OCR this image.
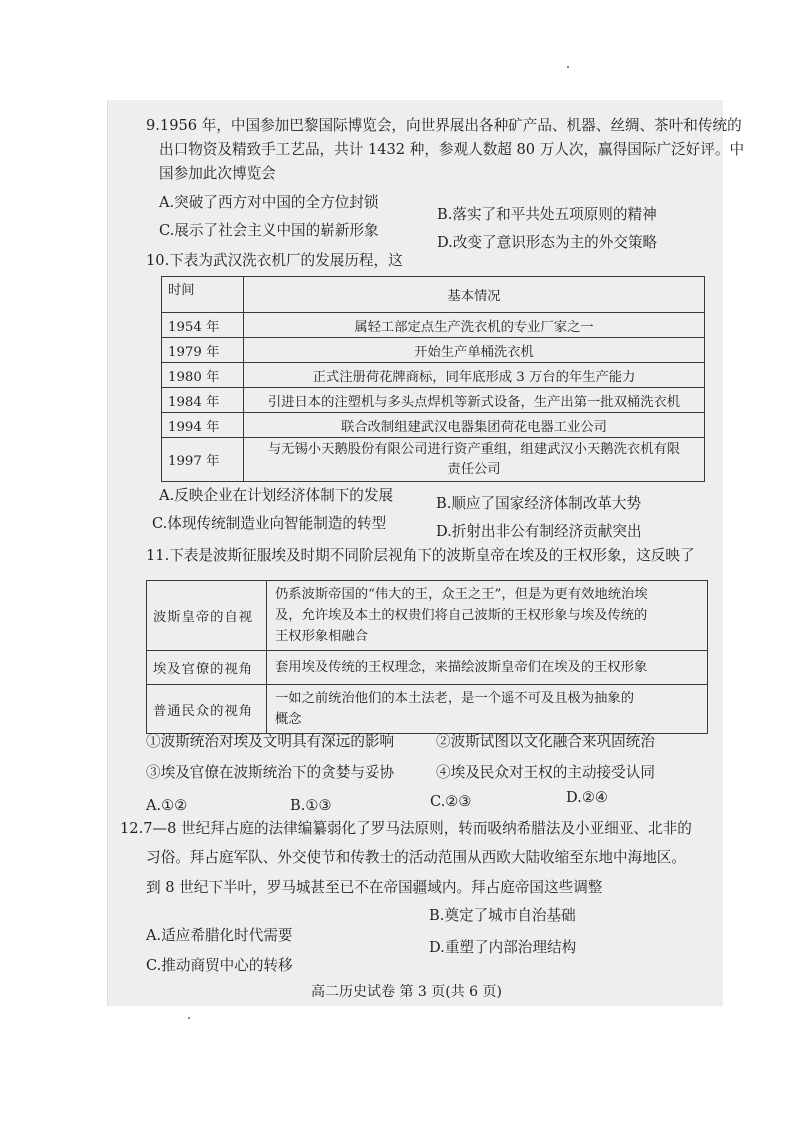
9.1956 年，中国参加巴黎国际博览会，向世界展出各种矿产品、机器、丝绸、茶叶和传统的
出口物资及精致手工艺品，共计 1432 种，参观人数超 80 万人次，赢得国际广泛好评。中
国参加此次博览会
A.突破了西方对中国的全方位封锁
B.落实了和平共处五项原则的精神
C.展示了社会主义中国的崭新形象
D.改变了意识形态为主的外交策略
10.下表为武汉洗衣机厂的发展历程，这
时间	基本情况
1954 年	属轻工部定点生产洗衣机的专业厂家之一
1979 年	开始生产单桶洗衣机
1980 年	正式注册荷花牌商标，同年底形成 3 万台的年生产能力
1984 年	引进日本的注塑机与多头点焊机等新式设备，生产出第一批双桶洗衣机
1994 年	联合改制组建武汉电器集团荷花电器工业公司
1997 年	与无锡小天鹅股份有限公司进行资产重组，组建武汉小天鹅洗衣机有限
责任公司
A.反映企业在计划经济体制下的发展	B.顺应了国家经济体制改革大势
C.体现传统制造业向智能制造的转型	D.折射出非公有制经济贡献突出
11.下表是波斯征服埃及时期不同阶层视角下的波斯皇帝在埃及的王权形象，这反映了
波斯皇帝的自视	仍系波斯帝国的“伟大的王，众王之王”，但是为更有效地统治埃
及，允许埃及本土的权贵们将自己波斯的王权形象与埃及传统的
王权形象相融合

埃及官僚的视角	套用埃及传统的王权理念，来描绘波斯皇帝们在埃及的王权形象

普通民众的视角	一如之前统治他们的本土法老，是一个遥不可及且极为抽象的
概念
①波斯统治对埃及文明具有深远的影响	②波斯试图以文化融合来巩固统治
③埃及官僚在波斯统治下的贪婪与妥协	④埃及民众对王权的主动接受认同
A.①②	B.①③	C.②③	D.②④
12.7—8 世纪拜占庭的法律编纂弱化了罗马法原则，转而吸纳希腊法及小亚细亚、北非的
习俗。拜占庭军队、外交使节和传教士的活动范围从西欧大陆收缩至东地中海地区。
到 8 世纪下半叶，罗马城甚至已不在帝国疆域内。拜占庭帝国这些调整
A.适应希腊化时代需要
B.奠定了城市自治基础
C.推动商贸中心的转移
D.重塑了内部治理结构
高二历史试卷 第 3 页(共 6 页)
